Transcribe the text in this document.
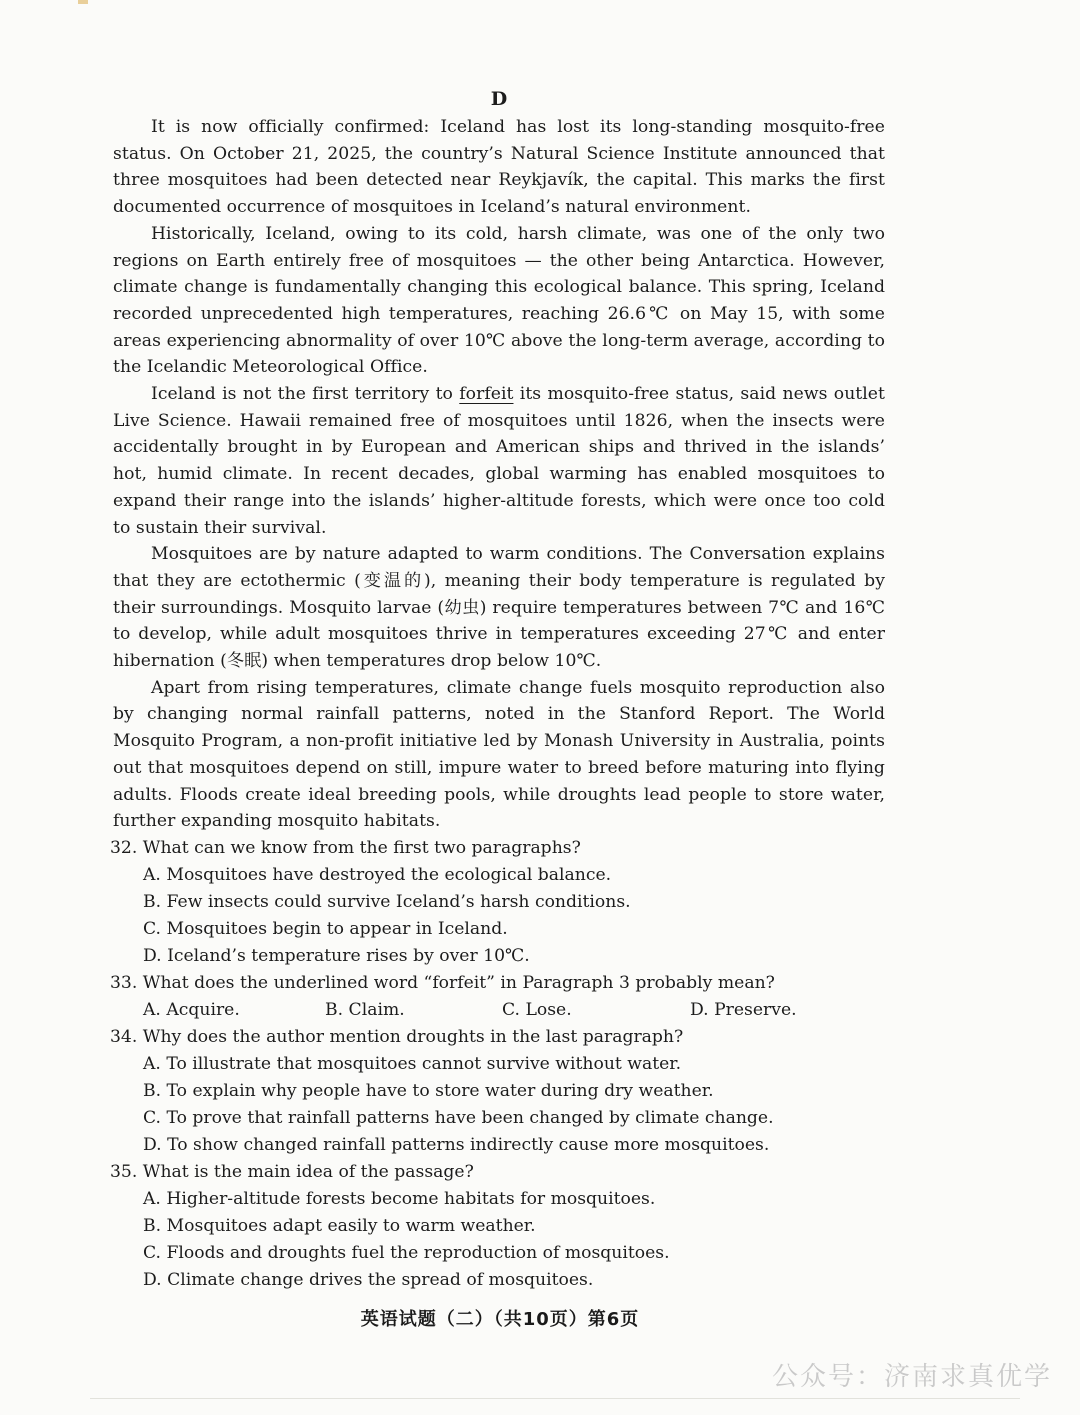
D

It is now officially confirmed: Iceland has lost its long-standing mosquito-free status. On October 21, 2025, the country’s Natural Science Institute announced that three mosquitoes had been detected near Reykjavík, the capital. This marks the first documented occurrence of mosquitoes in Iceland’s natural environment.

Historically, Iceland, owing to its cold, harsh climate, was one of the only two regions on Earth entirely free of mosquitoes — the other being Antarctica. However, climate change is fundamentally changing this ecological balance. This spring, Iceland recorded unprecedented high temperatures, reaching 26.6℃ on May 15, with some areas experiencing abnormality of over 10℃ above the long-term average, according to the Icelandic Meteorological Office.

Iceland is not the first territory to forfeit its mosquito-free status, said news outlet Live Science. Hawaii remained free of mosquitoes until 1826, when the insects were accidentally brought in by European and American ships and thrived in the islands’ hot, humid climate. In recent decades, global warming has enabled mosquitoes to expand their range into the islands’ higher-altitude forests, which were once too cold to sustain their survival.

Mosquitoes are by nature adapted to warm conditions. The Conversation explains that they are ectothermic (变温的), meaning their body temperature is regulated by their surroundings. Mosquito larvae (幼虫) require temperatures between 7℃ and 16℃ to develop, while adult mosquitoes thrive in temperatures exceeding 27℃ and enter hibernation (冬眠) when temperatures drop below 10℃.

Apart from rising temperatures, climate change fuels mosquito reproduction also by changing normal rainfall patterns, noted in the Stanford Report. The World Mosquito Program, a non-profit initiative led by Monash University in Australia, points out that mosquitoes depend on still, impure water to breed before maturing into flying adults. Floods create ideal breeding pools, while droughts lead people to store water, further expanding mosquito habitats.

32. What can we know from the first two paragraphs?

A. Mosquitoes have destroyed the ecological balance.

B. Few insects could survive Iceland’s harsh conditions.

C. Mosquitoes begin to appear in Iceland.

D. Iceland’s temperature rises by over 10℃.

33. What does the underlined word “forfeit” in Paragraph 3 probably mean?

A. Acquire.	B. Claim.	C. Lose.	D. Preserve.

34. Why does the author mention droughts in the last paragraph?

A. To illustrate that mosquitoes cannot survive without water.

B. To explain why people have to store water during dry weather.

C. To prove that rainfall patterns have been changed by climate change.

D. To show changed rainfall patterns indirectly cause more mosquitoes.

35. What is the main idea of the passage?

A. Higher-altitude forests become habitats for mosquitoes.

B. Mosquitoes adapt easily to warm weather.

C. Floods and droughts fuel the reproduction of mosquitoes.

D. Climate change drives the spread of mosquitoes.

英语试题（二）（共10页）第6页
公众号：济南求真优学
